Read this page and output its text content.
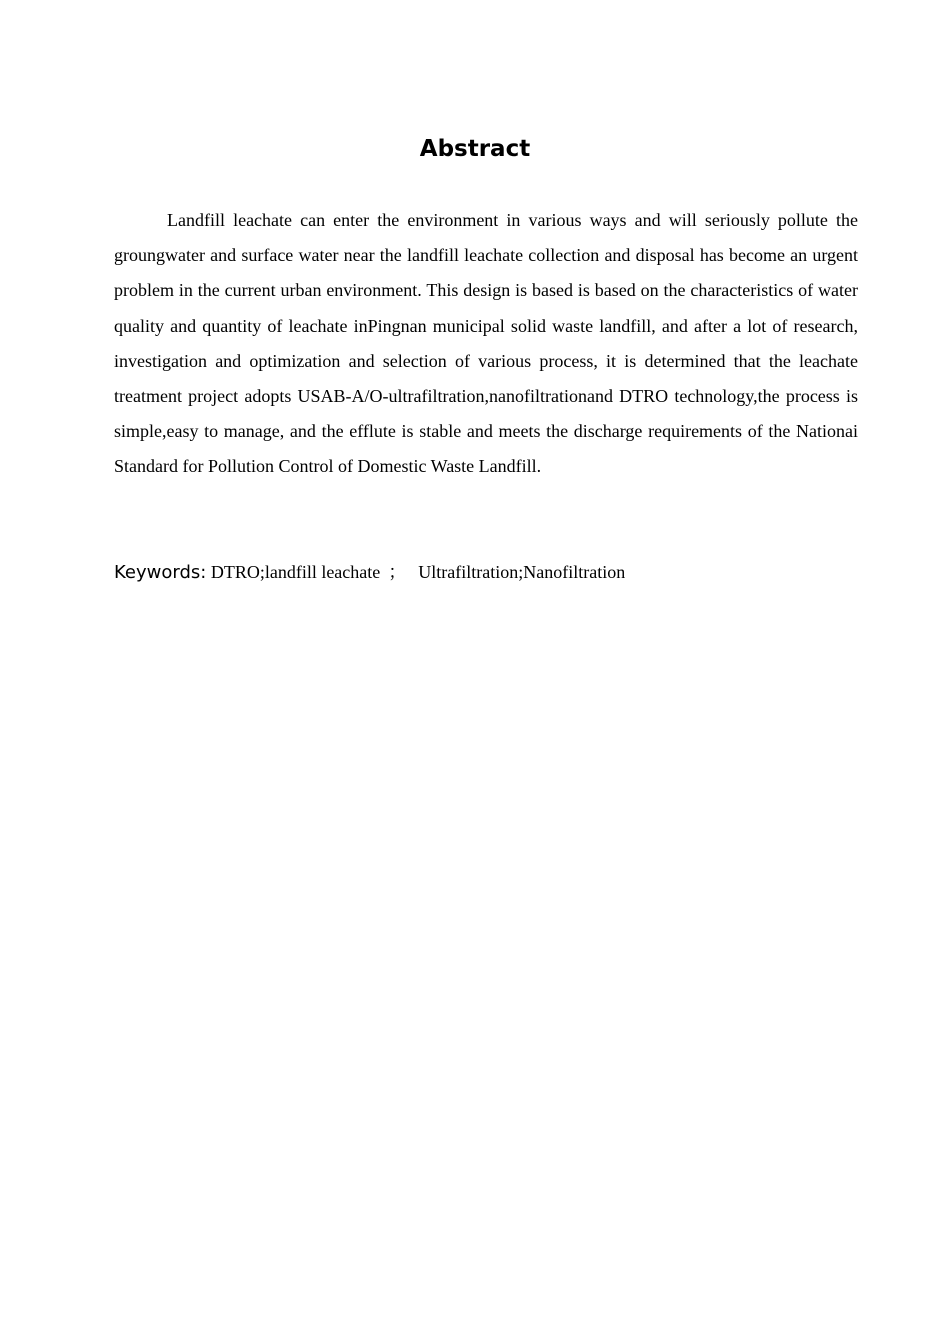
Abstract

Landfill leachate can enter the environment in various ways and will seriously pollute the groungwater and surface water near the landfill leachate collection and disposal has become an urgent problem in the current urban environment. This design is based is based on the characteristics of water quality and quantity of leachate inPingnan municipal solid waste landfill, and after a lot of research, investigation and optimization and selection of various process, it is determined that the leachate treatment project adopts USAB-A/O-ultrafiltration,nanofiltrationand DTRO technology,the process is simple,easy to manage, and the efflute is stable and meets the discharge requirements of the Nationai Standard for Pollution Control of Domestic Waste Landfill.

Keywords: DTRO;landfill leachate ； Ultrafiltration;Nanofiltration
